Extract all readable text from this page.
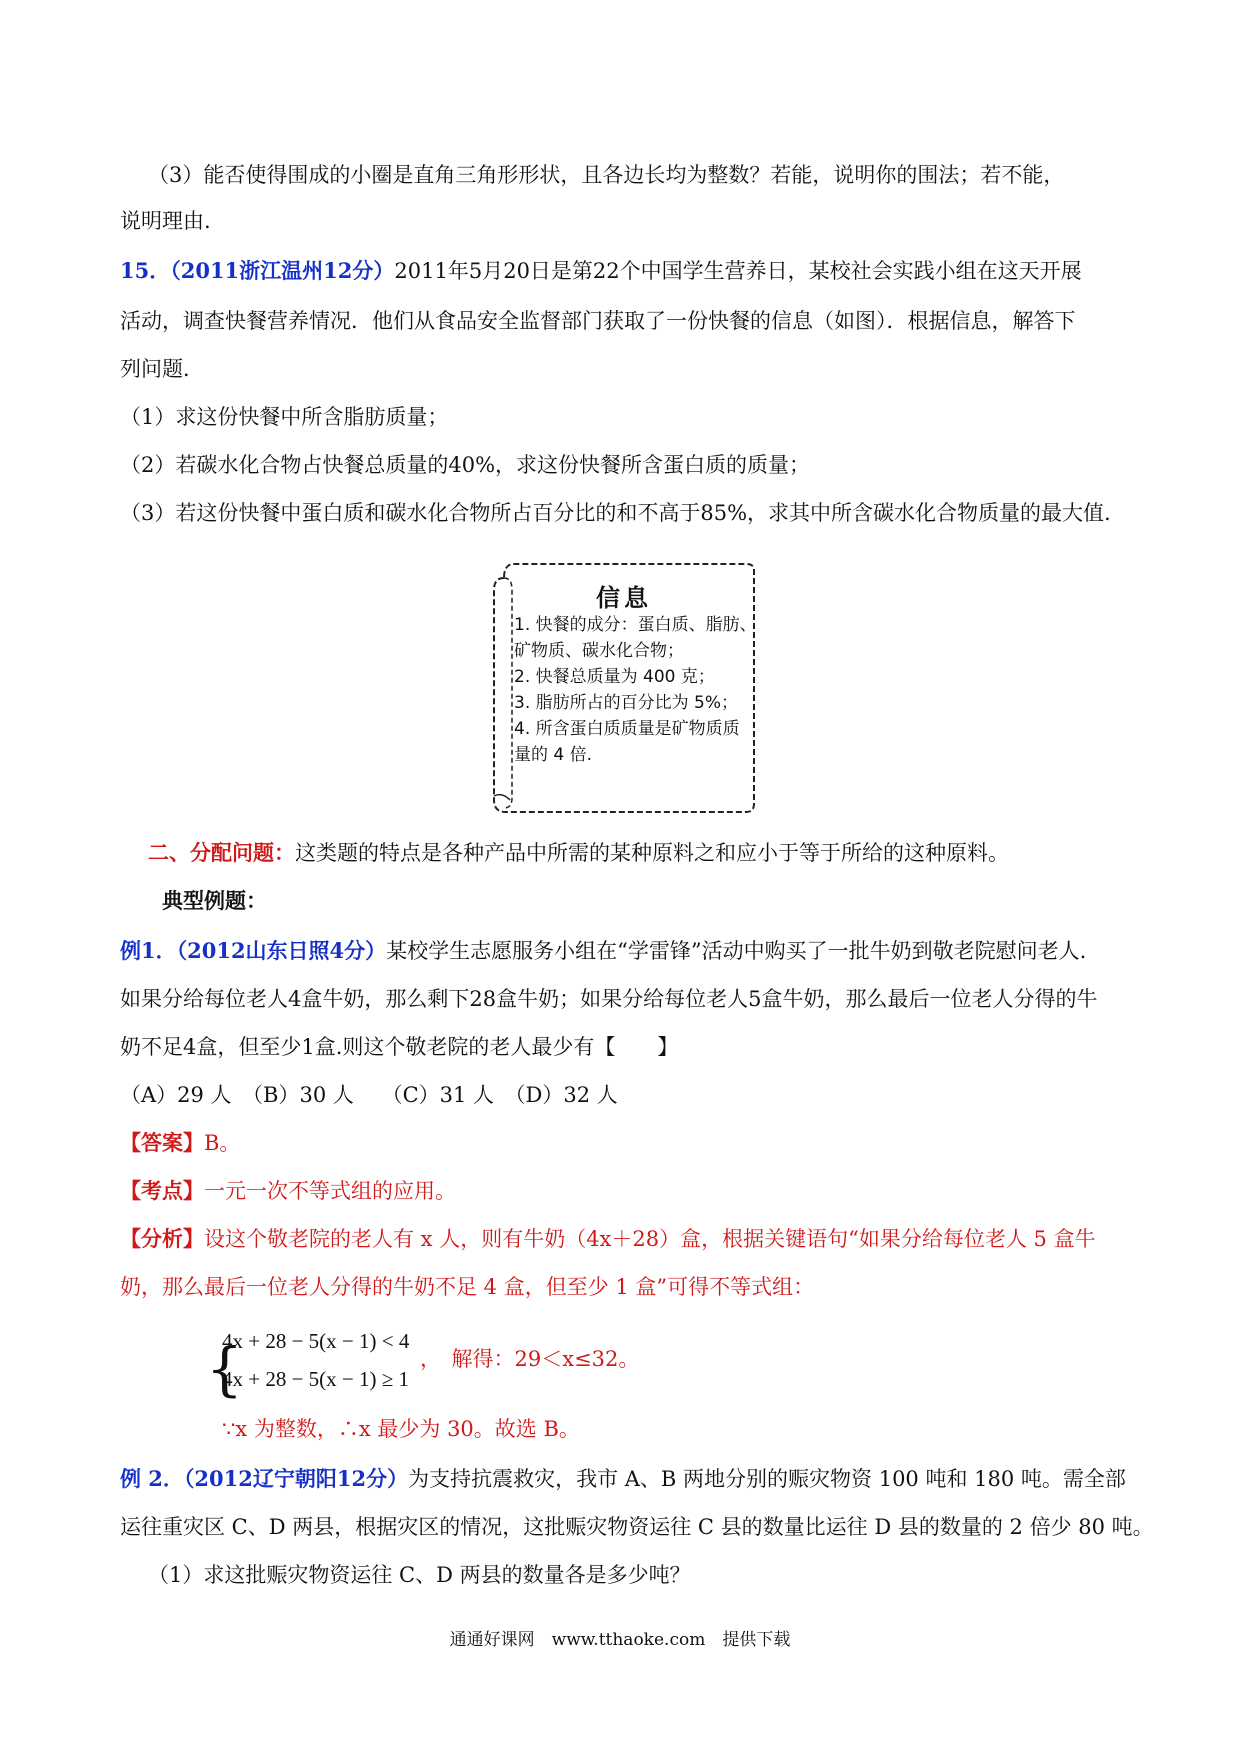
（3）能否使得围成的小圈是直角三角形形状，且各边长均为整数？若能，说明你的围法；若不能，
说明理由.
15．（2011浙江温州12分）2011年5月20日是第22个中国学生营养日，某校社会实践小组在这天开展
活动，调查快餐营养情况．他们从食品安全监督部门获取了一份快餐的信息（如图）．根据信息，解答下
列问题．
（1）求这份快餐中所含脂肪质量；
（2）若碳水化合物占快餐总质量的40%，求这份快餐所含蛋白质的质量；
（3）若这份快餐中蛋白质和碳水化合物所占百分比的和不高于85%，求其中所含碳水化合物质量的最大值.
信息
1. 快餐的成分：蛋白质、脂肪、
矿物质、碳水化合物；
2. 快餐总质量为 400 克；
3. 脂肪所占的百分比为 5%；
4. 所含蛋白质质量是矿物质质
量的 4 倍.
二、分配问题：这类题的特点是各种产品中所需的某种原料之和应小于等于所给的这种原料。
典型例题：
例1．（2012山东日照4分）某校学生志愿服务小组在“学雷锋”活动中购买了一批牛奶到敬老院慰问老人.
如果分给每位老人4盒牛奶，那么剩下28盒牛奶；如果分给每位老人5盒牛奶，那么最后一位老人分得的牛
奶不足4盒，但至少1盒.则这个敬老院的老人最少有【　　】
（A）29 人　（B）30 人　 （C）31 人　（D）32 人
【答案】B。
【考点】一元一次不等式组的应用。
【分析】设这个敬老院的老人有 x 人，则有牛奶（4x＋28）盒，根据关键语句“如果分给每位老人 5 盒牛
奶，那么最后一位老人分得的牛奶不足 4 盒，但至少 1 盒”可得不等式组：
{
4x + 28 − 5(x − 1) < 4
4x + 28 − 5(x − 1) ≥ 1
，　解得：29＜x≤32。
∵x 为整数，∴x 最少为 30。故选 B。
例 2．（2012辽宁朝阳12分）为支持抗震救灾，我市 A、B 两地分别的赈灾物资 100 吨和 180 吨。需全部
运往重灾区 C、D 两县，根据灾区的情况，这批赈灾物资运往 C 县的数量比运往 D 县的数量的 2 倍少 80 吨。
（1）求这批赈灾物资运往 C、D 两县的数量各是多少吨？
通通好课网　www.tthaoke.com　提供下载
